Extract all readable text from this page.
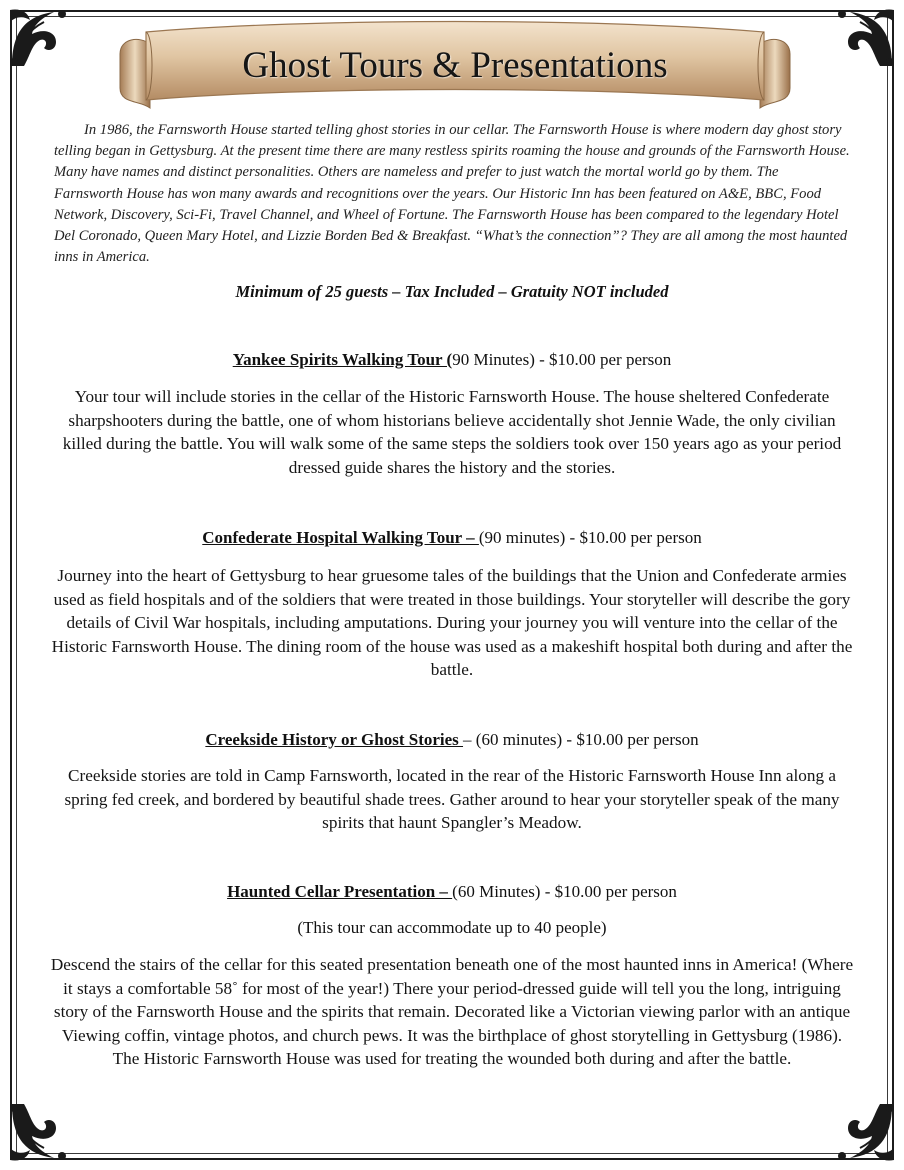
Ghost Tours & Presentations
In 1986, the Farnsworth House started telling ghost stories in our cellar. The Farnsworth House is where modern day ghost story telling began in Gettysburg. At the present time there are many restless spirits roaming the house and grounds of the Farnsworth House. Many have names and distinct personalities. Others are nameless and prefer to just watch the mortal world go by them. The Farnsworth House has won many awards and recognitions over the years. Our Historic Inn has been featured on A&E, BBC, Food Network, Discovery, Sci-Fi, Travel Channel, and Wheel of Fortune. The Farnsworth House has been compared to the legendary Hotel Del Coronado, Queen Mary Hotel, and Lizzie Borden Bed & Breakfast. “What’s the connection”? They are all among the most haunted inns in America.
Minimum of 25 guests – Tax Included – Gratuity NOT included
Yankee Spirits Walking Tour (90 Minutes) - $10.00 per person
Your tour will include stories in the cellar of the Historic Farnsworth House. The house sheltered Confederate sharpshooters during the battle, one of whom historians believe accidentally shot Jennie Wade, the only civilian killed during the battle. You will walk some of the same steps the soldiers took over 150 years ago as your period dressed guide shares the history and the stories.
Confederate Hospital Walking Tour – (90 minutes) - $10.00 per person
Journey into the heart of Gettysburg to hear gruesome tales of the buildings that the Union and Confederate armies used as field hospitals and of the soldiers that were treated in those buildings. Your storyteller will describe the gory details of Civil War hospitals, including amputations. During your journey you will venture into the cellar of the Historic Farnsworth House. The dining room of the house was used as a makeshift hospital both during and after the battle.
Creekside History or Ghost Stories – (60 minutes) - $10.00 per person
Creekside stories are told in Camp Farnsworth, located in the rear of the Historic Farnsworth House Inn along a spring fed creek, and bordered by beautiful shade trees. Gather around to hear your storyteller speak of the many spirits that haunt Spangler’s Meadow.
Haunted Cellar Presentation – (60 Minutes) - $10.00 per person
(This tour can accommodate up to 40 people)
Descend the stairs of the cellar for this seated presentation beneath one of the most haunted inns in America! (Where it stays a comfortable 58˚ for most of the year!) There your period-dressed guide will tell you the long, intriguing story of the Farnsworth House and the spirits that remain. Decorated like a Victorian viewing parlor with an antique Viewing coffin, vintage photos, and church pews. It was the birthplace of ghost storytelling in Gettysburg (1986). The Historic Farnsworth House was used for treating the wounded both during and after the battle.
